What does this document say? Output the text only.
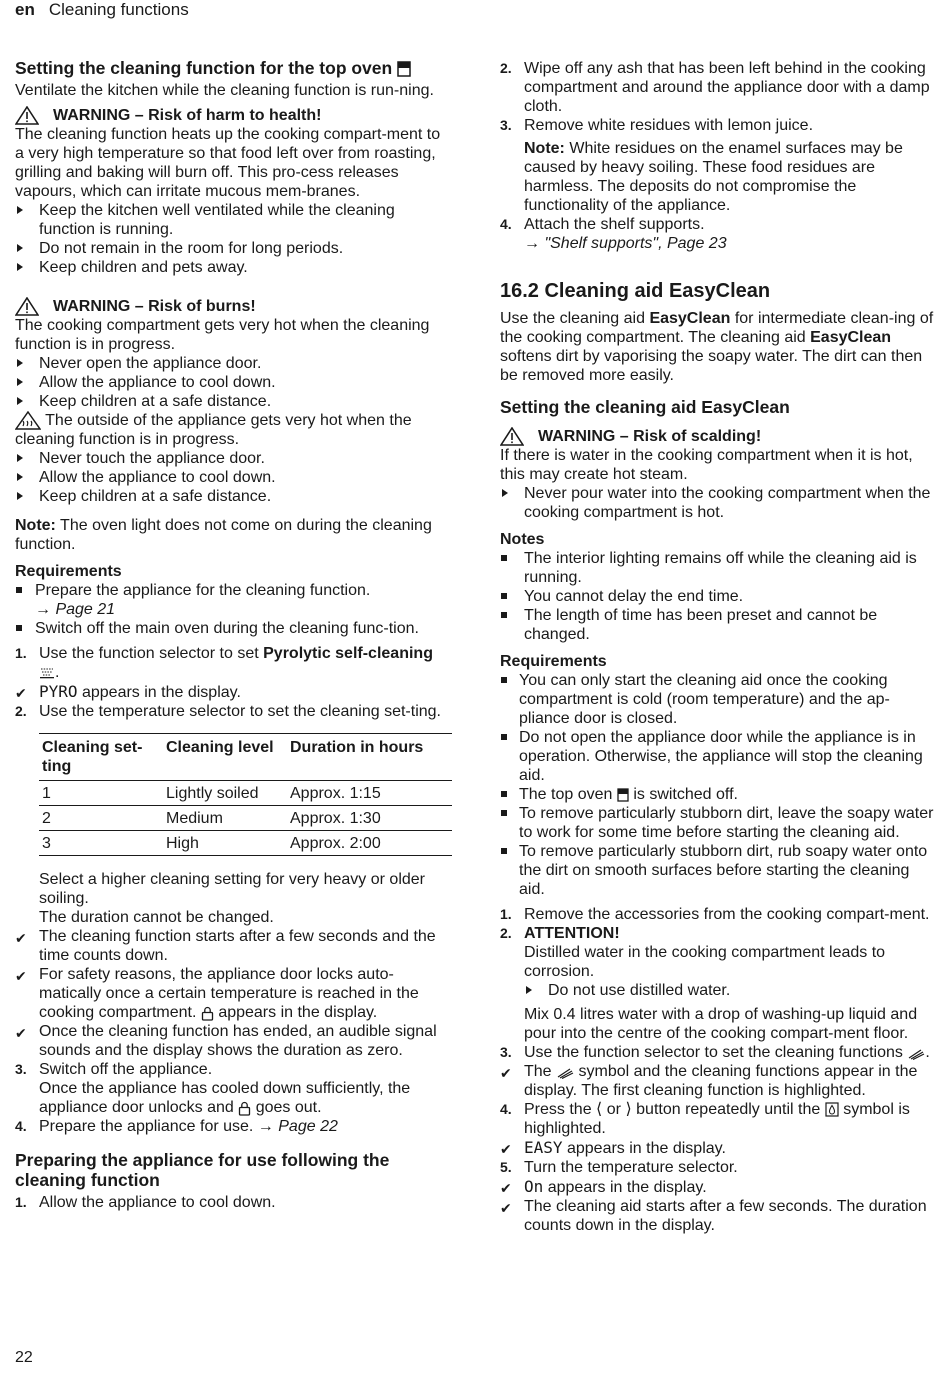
en Cleaning functions
Setting the cleaning function for the top oven

Ventilate the kitchen while the cleaning function is run-ning.

WARNING – Risk of harm to health!

The cleaning function heats up the cooking compart-ment to a very high temperature so that food left over from roasting, grilling and baking will burn off. This pro-cess releases vapours, which can irritate mucous mem-branes.

Keep the kitchen well ventilated while the cleaning function is running.

Do not remain in the room for long periods.

Keep children and pets away.

WARNING – Risk of burns!

The cooking compartment gets very hot when the cleaning function is in progress.

Never open the appliance door.

Allow the appliance to cool down.

Keep children at a safe distance.

The outside of the appliance gets very hot when the cleaning function is in progress.

Never touch the appliance door.

Allow the appliance to cool down.

Keep children at a safe distance.

Note: The oven light does not come on during the cleaning function.

Requirements

Prepare the appliance for the cleaning function.
→ Page 21

Switch off the main oven during the cleaning func-tion.

1. Use the function selector to set Pyrolytic self-cleaning .

✔ PYRO appears in the display.

2. Use the temperature selector to set the cleaning set-ting.

Cleaning set-ting	Cleaning level	Duration in hours
1	Lightly soiled	Approx. 1:15
2	Medium	Approx. 1:30
3	High	Approx. 2:00

Select a higher cleaning setting for very heavy or older soiling.

The duration cannot be changed.

✔ The cleaning function starts after a few seconds and the time counts down.

✔ For safety reasons, the appliance door locks auto-matically once a certain temperature is reached in the cooking compartment. appears in the display.

✔ Once the cleaning function has ended, an audible signal sounds and the display shows the duration as zero.

3. Switch off the appliance.
Once the appliance has cooled down sufficiently, the appliance door unlocks and goes out.

4. Prepare the appliance for use. → Page 22

Preparing the appliance for use following the cleaning function

1. Allow the appliance to cool down.

2. Wipe off any ash that has been left behind in the cooking compartment and around the appliance door with a damp cloth.

3. Remove white residues with lemon juice.

Note: White residues on the enamel surfaces may be caused by heavy soiling. These food residues are harmless. The deposits do not compromise the functionality of the appliance.

4. Attach the shelf supports.
→ "Shelf supports", Page 23

16.2 Cleaning aid EasyClean

Use the cleaning aid EasyClean for intermediate clean-ing of the cooking compartment. The cleaning aid EasyClean softens dirt by vaporising the soapy water. The dirt can then be removed more easily.

Setting the cleaning aid EasyClean

WARNING – Risk of scalding!

If there is water in the cooking compartment when it is hot, this may create hot steam.

Never pour water into the cooking compartment when the cooking compartment is hot.

Notes

The interior lighting remains off while the cleaning aid is running.

You cannot delay the end time.

The length of time has been preset and cannot be changed.

Requirements

You can only start the cleaning aid once the cooking compartment is cold (room temperature) and the ap-pliance door is closed.

Do not open the appliance door while the appliance is in operation. Otherwise, the appliance will stop the cleaning aid.

The top oven is switched off.

To remove particularly stubborn dirt, leave the soapy water to work for some time before starting the cleaning aid.

To remove particularly stubborn dirt, rub soapy water onto the dirt on smooth surfaces before starting the cleaning aid.

1. Remove the accessories from the cooking compart-ment.

2. ATTENTION!
Distilled water in the cooking compartment leads to corrosion.

Do not use distilled water.

Mix 0.4 litres water with a drop of washing-up liquid and pour into the centre of the cooking compart-ment floor.

3. Use the function selector to set the cleaning functions .

✔ The symbol and the cleaning functions appear in the display. The first cleaning function is highlighted.

4. Press the ⟨ or ⟩ button repeatedly until the symbol is highlighted.

✔ EASY appears in the display.

5. Turn the temperature selector.

✔ On appears in the display.

✔ The cleaning aid starts after a few seconds. The duration counts down in the display.

22
